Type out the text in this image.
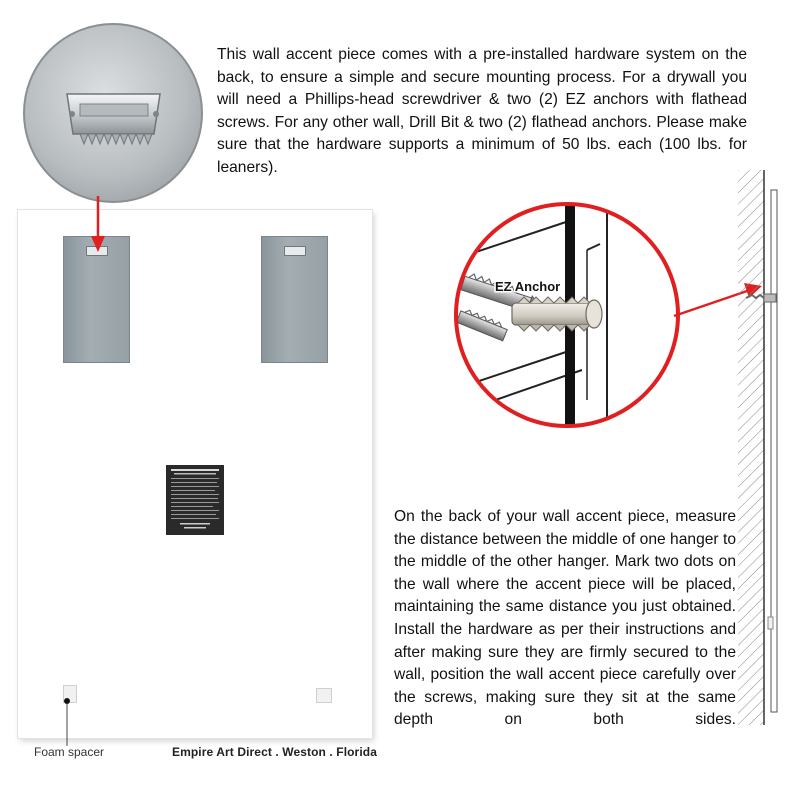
This wall accent piece comes with a pre-installed hardware system on the back, to ensure a simple and secure mounting process. For a drywall you will need a Phillips-head screwdriver & two (2) EZ anchors with flathead screws. For any other wall, Drill Bit & two (2) flathead anchors. Please make sure that the hardware supports a minimum of 50 lbs. each (100 lbs. for leaners).
EZ Anchor
On the back of your wall accent piece, measure the distance between the middle of one hanger to the middle of the other hanger. Mark two dots on the wall where the accent piece will be placed, maintaining the same distance you just obtained. Install the hardware as per their instructions and after making sure they are firmly secured to the wall, position the wall accent piece carefully over the screws, making sure they sit at the same depth on both sides.
Foam spacer	Empire Art Direct . Weston . Florida
